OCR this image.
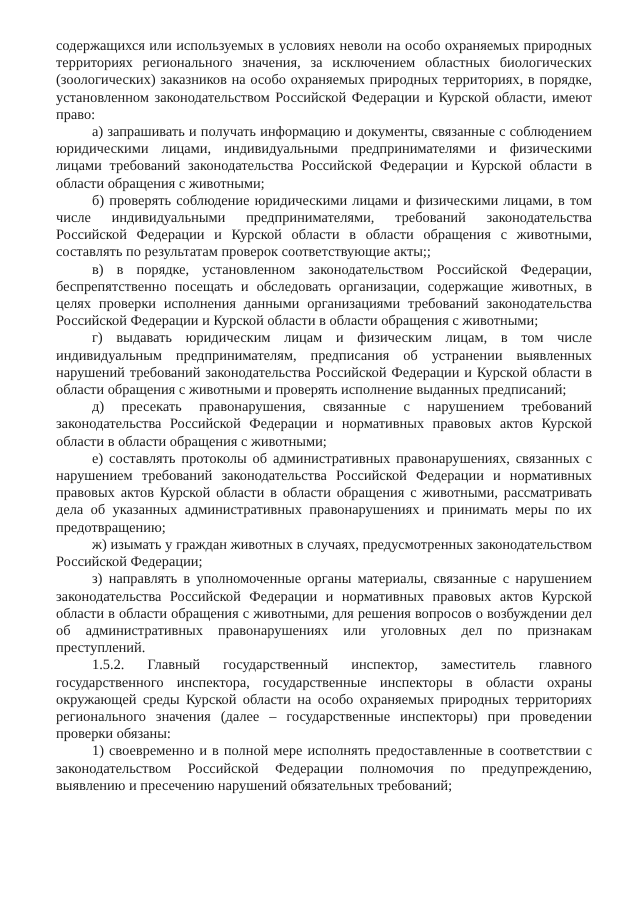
содержащихся или используемых в условиях неволи на особо охраняемых природных территориях регионального значения, за исключением областных биологических (зоологических) заказников на особо охраняемых природных территориях, в порядке, установленном законодательством Российской Федерации и Курской области, имеют право:

а) запрашивать и получать информацию и документы, связанные с соблюдением юридическими лицами, индивидуальными предпринимателями и физическими лицами требований законодательства Российской Федерации и Курской области в области обращения с животными;

б) проверять соблюдение юридическими лицами и физическими лицами, в том числе индивидуальными предпринимателями, требований законодательства Российской Федерации и Курской области в области обращения с животными, составлять по результатам проверок соответствующие акты;;

в) в порядке, установленном законодательством Российской Федерации, беспрепятственно посещать и обследовать организации, содержащие животных, в целях проверки исполнения данными организациями требований законодательства Российской Федерации и Курской области в области обращения с животными;

г) выдавать юридическим лицам и физическим лицам, в том числе индивидуальным предпринимателям, предписания об устранении выявленных нарушений требований законодательства Российской Федерации и Курской области в области обращения с животными и проверять исполнение выданных предписаний;

д) пресекать правонарушения, связанные с нарушением требований законодательства Российской Федерации и нормативных правовых актов Курской области в области обращения с животными;

е) составлять протоколы об административных правонарушениях, связанных с нарушением требований законодательства Российской Федерации и нормативных правовых актов Курской области в области обращения с животными, рассматривать дела об указанных административных правонарушениях и принимать меры по их предотвращению;

ж) изымать у граждан животных в случаях, предусмотренных законодательством Российской Федерации;

з) направлять в уполномоченные органы материалы, связанные с нарушением законодательства Российской Федерации и нормативных правовых актов Курской области в области обращения с животными, для решения вопросов о возбуждении дел об административных правонарушениях или уголовных дел по признакам преступлений.

1.5.2. Главный государственный инспектор, заместитель главного государственного инспектора, государственные инспекторы в области охраны окружающей среды Курской области на особо охраняемых природных территориях регионального значения (далее – государственные инспекторы) при проведении проверки обязаны:

1) своевременно и в полной мере исполнять предоставленные в соответствии с законодательством Российской Федерации полномочия по предупреждению, выявлению и пресечению нарушений обязательных требований;
